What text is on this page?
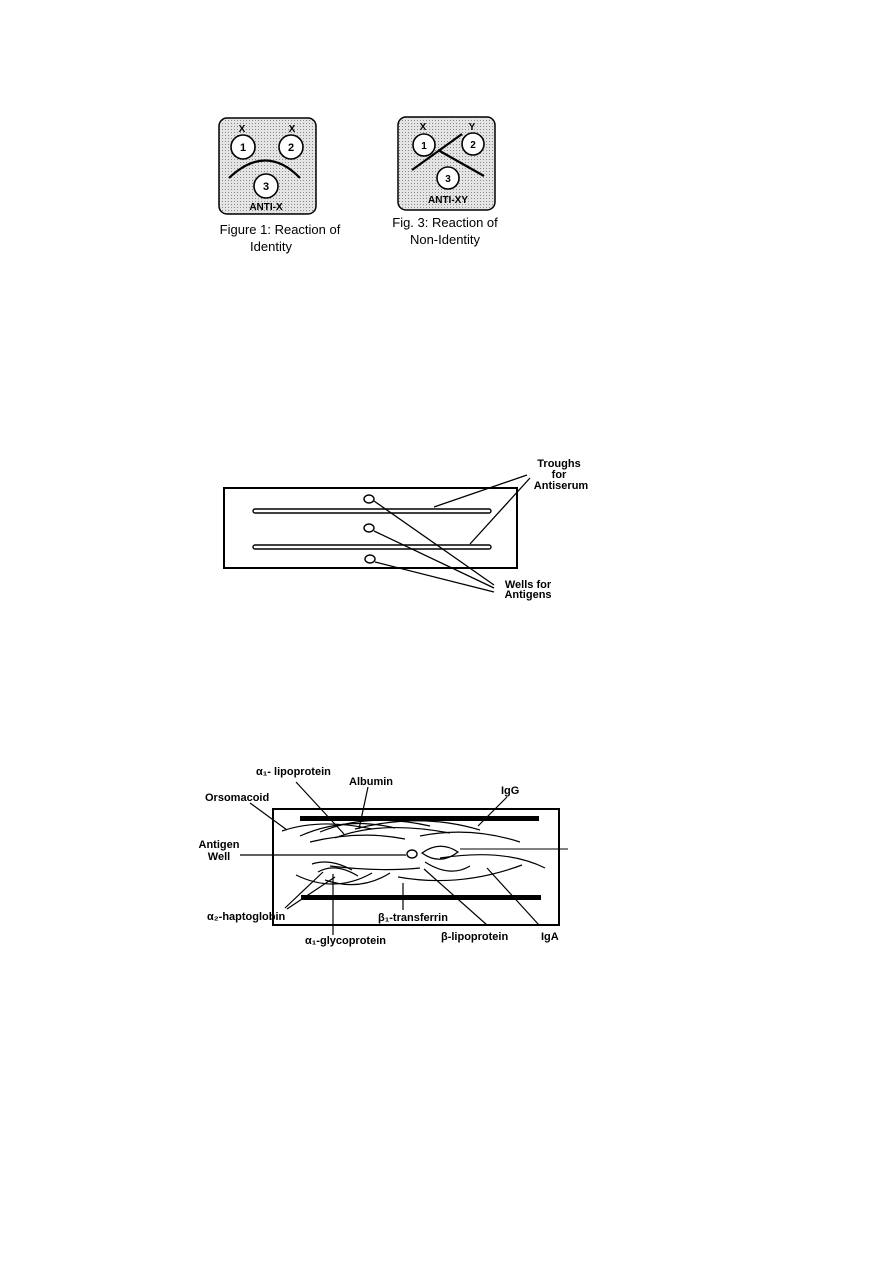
X	X
1	2
3
ANTI-X
Figure 1: Reaction of
Identity
X	Y
1	2
3
ANTI-XY
Fig. 3: Reaction of
Non-Identity
Troughs
for
Antiserum
Wells for
Antigens
α₁- lipoprotein
Albumin
IgG
Orsomacoid
Antigen
Well
α₂-haptoglobin	β₁-transferrin
α₁-glycoprotein	β-lipoprotein	IgA
